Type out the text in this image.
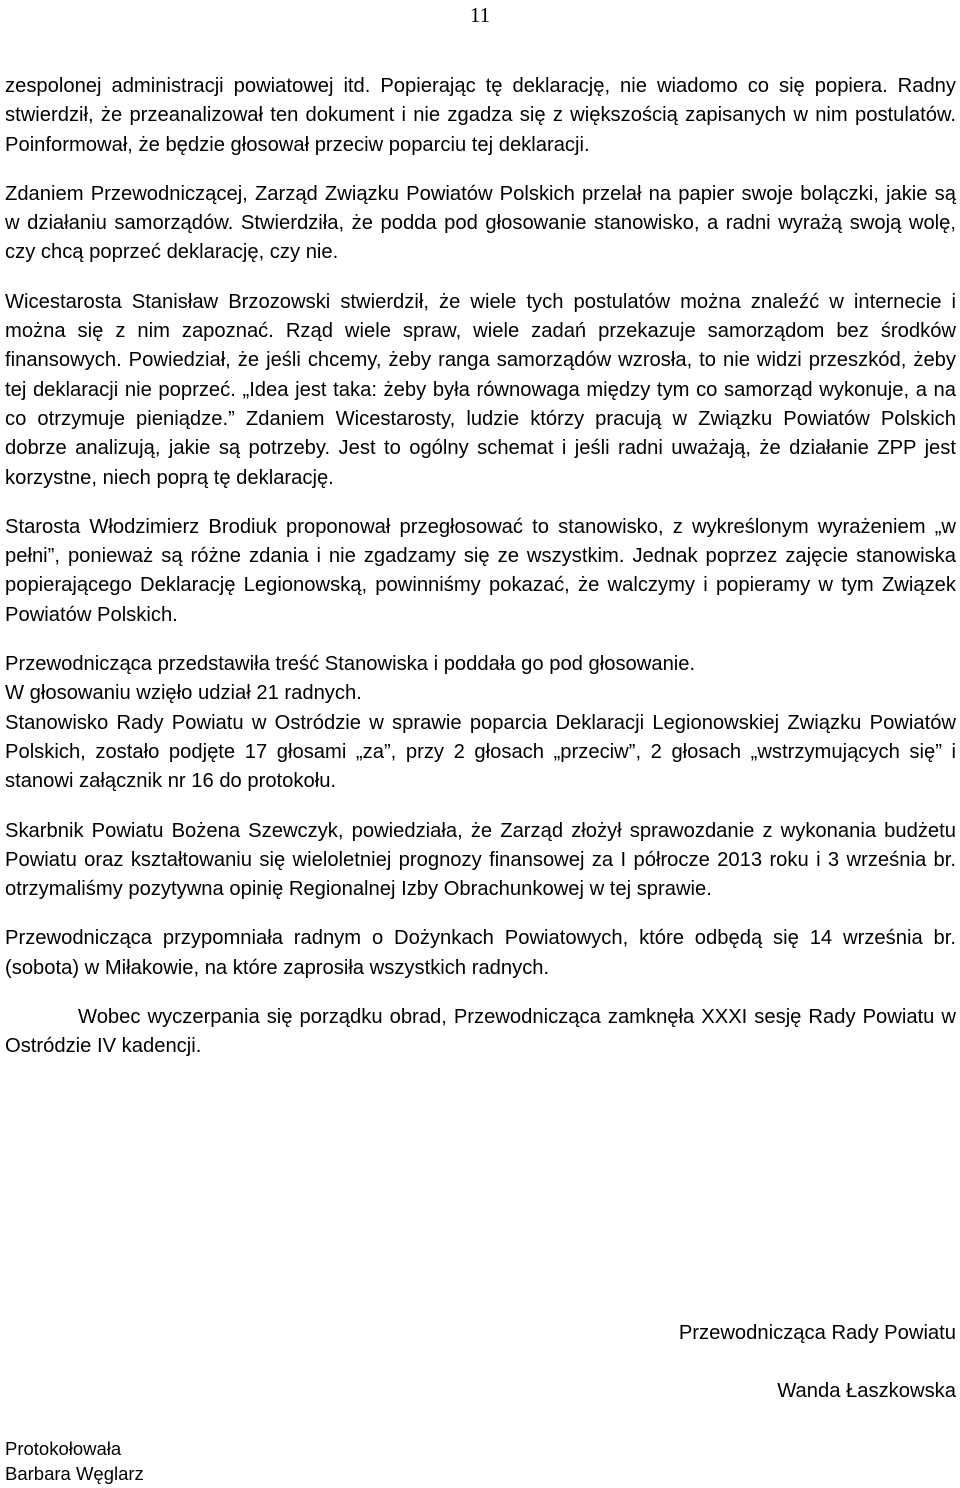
11

zespolonej administracji powiatowej itd. Popierając tę deklarację, nie wiadomo co się popiera. Radny stwierdził, że przeanalizował ten dokument i nie zgadza się z większością zapisanych w nim postulatów. Poinformował, że będzie głosował przeciw poparciu tej deklaracji.

Zdaniem Przewodniczącej, Zarząd Związku Powiatów Polskich przelał na papier swoje bolączki, jakie są w działaniu samorządów. Stwierdziła, że podda pod głosowanie stanowisko, a radni wyrażą swoją wolę, czy chcą poprzeć deklarację, czy nie.

Wicestarosta Stanisław Brzozowski stwierdził, że wiele tych postulatów można znaleźć w internecie i można się z nim zapoznać. Rząd wiele spraw, wiele zadań przekazuje samorządom bez środków finansowych. Powiedział, że jeśli chcemy, żeby ranga samorządów wzrosła, to nie widzi przeszkód, żeby tej deklaracji nie poprzeć. „Idea jest taka: żeby była równowaga między tym co samorząd wykonuje, a na co otrzymuje pieniądze.” Zdaniem Wicestarosty, ludzie którzy pracują w Związku Powiatów Polskich dobrze analizują, jakie są potrzeby. Jest to ogólny schemat i jeśli radni uważają, że działanie ZPP jest korzystne, niech poprą tę deklarację.

Starosta Włodzimierz Brodiuk proponował przegłosować to stanowisko, z wykreślonym wyrażeniem „w pełni”, ponieważ są różne zdania i nie zgadzamy się ze wszystkim. Jednak poprzez zajęcie stanowiska popierającego Deklarację Legionowską, powinniśmy pokazać, że walczymy i popieramy w tym Związek Powiatów Polskich.

Przewodnicząca przedstawiła treść Stanowiska i poddała go pod głosowanie.

W głosowaniu wzięło udział 21 radnych.

Stanowisko Rady Powiatu w Ostródzie w sprawie poparcia Deklaracji Legionowskiej Związku Powiatów Polskich, zostało podjęte 17 głosami „za”, przy 2 głosach „przeciw”, 2 głosach „wstrzymujących się” i stanowi załącznik nr 16 do protokołu.

Skarbnik Powiatu Bożena Szewczyk, powiedziała, że Zarząd złożył sprawozdanie z wykonania budżetu Powiatu oraz kształtowaniu się wieloletniej prognozy finansowej za I półrocze 2013 roku i 3 września br. otrzymaliśmy pozytywna opinię Regionalnej Izby Obrachunkowej w tej sprawie.

Przewodnicząca przypomniała radnym o Dożynkach Powiatowych, które odbędą się 14 września br. (sobota) w Miłakowie, na które zaprosiła wszystkich radnych.

Wobec wyczerpania się porządku obrad, Przewodnicząca zamknęła XXXI sesję Rady Powiatu w Ostródzie IV kadencji.

Przewodnicząca Rady Powiatu
Wanda Łaszkowska
Protokołowała
Barbara Węglarz
